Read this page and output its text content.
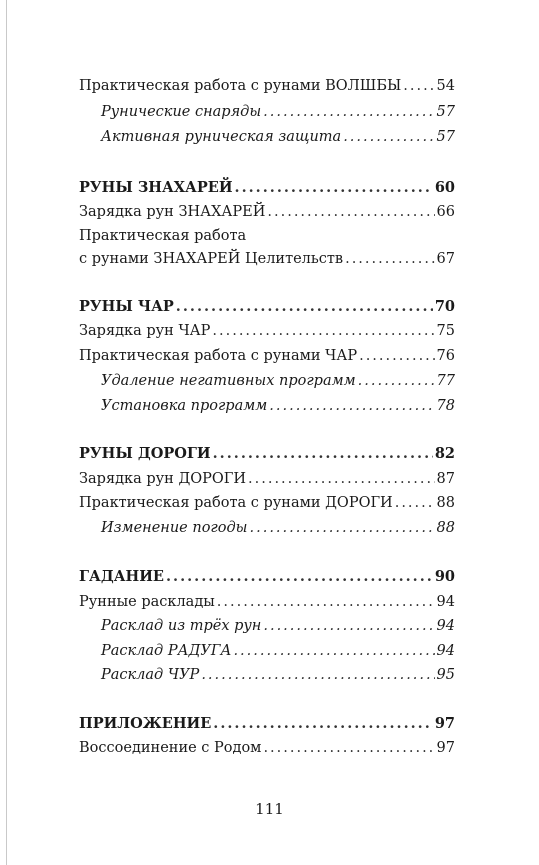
Практическая работа с рунами ВОЛШБЫ ..... 54
Рунические снаряды .....	57
Активная руническая защита .....	57
РУНЫ ЗНАХАРЕЙ .....	60
Зарядка рун ЗНАХАРЕЙ .....	66
Практическая работа
с рунами ЗНАХАРЕЙ Целительств .....	67
РУНЫ ЧАР .....	70
Зарядка рун ЧАР .....	75
Практическая работа с рунами ЧАР .....	76
Удаление негативных программ .....	77
Установка программ .....	78
РУНЫ ДОРОГИ .....	82
Зарядка рун ДОРОГИ .....	87
Практическая работа с рунами ДОРОГИ .....	88
Изменение погоды .....	88
ГАДАНИЕ .....	90
Рунные расклады .....	94
Расклад из трёх рун .....	94
Расклад РАДУГА .....	94
Расклад ЧУР .....	95
ПРИЛОЖЕНИЕ .....	97
Воссоединение с Родом .....	97
111
